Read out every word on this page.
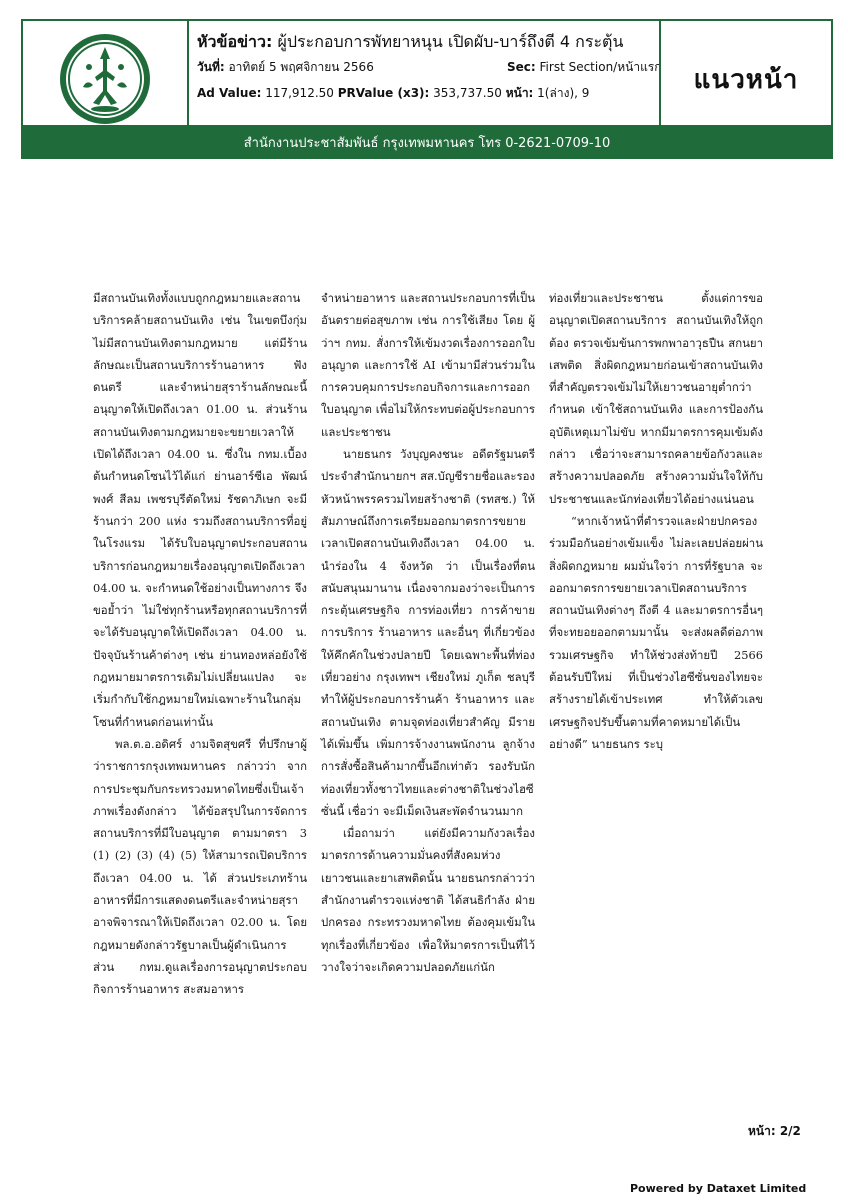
หัวข้อข่าว: ผู้ประกอบการพัทยาหนุน เปิดผับ-บาร์ถึงตี 4 กระตุ้น
วันที่: อาทิตย์ 5 พฤศจิกายน 2566	Sec: First Section/หน้าแรก
Ad Value: 117,912.50 PRValue (x3): 353,737.50 หน้า: 1(ล่าง), 9	แนวหน้า
สำนักงานประชาสัมพันธ์ กรุงเทพมหานคร โทร 0-2621-0709-10

มีสถานบันเทิงทั้งแบบถูกกฎหมายและสถานบริการคล้ายสถานบันเทิง เช่น ในเขตบึงกุ่ม ไม่มีสถานบันเทิงตามกฎหมาย แต่มีร้านลักษณะเป็นสถานบริการร้านอาหาร ฟังดนตรี และจำหน่ายสุราร้านลักษณะนี้อนุญาตให้เปิดถึงเวลา 01.00 น. ส่วนร้านสถานบันเทิงตามกฎหมายจะขยายเวลาให้เปิดได้ถึงเวลา 04.00 น. ซึ่งใน กทม.เบื้องต้นกำหนดโซนไว้ได้แก่ ย่านอาร์ซีเอ พัฒน์พงศ์ สีลม เพชรบุรีตัดใหม่ รัชดาภิเษก จะมีร้านกว่า 200 แห่ง รวมถึงสถานบริการที่อยู่ในโรงแรม ได้รับใบอนุญาตประกอบสถานบริการก่อนกฎหมายเรื่องอนุญาตเปิดถึงเวลา 04.00 น. จะกำหนดใช้อย่างเป็นทางการ จึงขอย้ำว่า ไม่ใช่ทุกร้านหรือทุกสถานบริการที่จะได้รับอนุญาตให้เปิดถึงเวลา 04.00 น. ปัจจุบันร้านค้าต่างๆ เช่น ย่านทองหล่อยังใช้กฎหมายมาตรการเดิมไม่เปลี่ยนแปลง จะเริ่มกำกับใช้กฎหมายใหม่เฉพาะร้านในกลุ่มโซนที่กำหนดก่อนเท่านั้น

พล.ต.อ.อดิศร์ งามจิตสุขศรี ที่ปรึกษาผู้ว่าราชการกรุงเทพมหานคร กล่าวว่า จากการประชุมกับกระทรวงมหาดไทยซึ่งเป็นเจ้าภาพเรื่องดังกล่าว ได้ข้อสรุปในการจัดการสถานบริการที่มีใบอนุญาต ตามมาตรา 3 (1) (2) (3) (4) (5) ให้สามารถเปิดบริการถึงเวลา 04.00 น. ได้ ส่วนประเภทร้านอาหารที่มีการแสดงดนตรีและจำหน่ายสุรา อาจพิจารณาให้เปิดถึงเวลา 02.00 น. โดยกฎหมายดังกล่าวรัฐบาลเป็นผู้ดำเนินการ ส่วน กทม.ดูแลเรื่องการอนุญาตประกอบกิจการร้านอาหาร สะสมอาหาร

จำหน่ายอาหาร และสถานประกอบการที่เป็นอันตรายต่อสุขภาพ เช่น การใช้เสียง โดย ผู้ว่าฯ กทม. สั่งการให้เข้มงวดเรื่องการออกใบอนุญาต และการใช้ AI เข้ามามีส่วนร่วมในการควบคุมการประกอบกิจการและการออกใบอนุญาต เพื่อไม่ให้กระทบต่อผู้ประกอบการและประชาชน

นายธนกร วังบุญคงชนะ อดีตรัฐมนตรีประจำสำนักนายกฯ สส.บัญชีรายชื่อและรองหัวหน้าพรรครวมไทยสร้างชาติ (รทสช.) ให้สัมภาษณ์ถึงการเตรียมออกมาตรการขยายเวลาเปิดสถานบันเทิงถึงเวลา 04.00 น. นำร่องใน 4 จังหวัด ว่า เป็นเรื่องที่ตนสนับสนุนมานาน เนื่องจากมองว่าจะเป็นการกระตุ้นเศรษฐกิจ การท่องเที่ยว การค้าขาย การบริการ ร้านอาหาร และอื่นๆ ที่เกี่ยวข้องให้คึกคักในช่วงปลายปี โดยเฉพาะพื้นที่ท่องเที่ยวอย่าง กรุงเทพฯ เชียงใหม่ ภูเก็ต ชลบุรี ทำให้ผู้ประกอบการร้านค้า ร้านอาหาร และสถานบันเทิง ตามจุดท่องเที่ยวสำคัญ มีรายได้เพิ่มขึ้น เพิ่มการจ้างงานพนักงาน ลูกจ้าง การสั่งซื้อสินค้ามากขึ้นอีกเท่าตัว รองรับนักท่องเที่ยวทั้งชาวไทยและต่างชาติในช่วงไฮซีซั่นนี้ เชื่อว่า จะมีเม็ดเงินสะพัดจำนวนมาก

เมื่อถามว่า แต่ยังมีความกังวลเรื่องมาตรการด้านความมั่นคงที่สังคมห่วงเยาวชนและยาเสพติดนั้น นายธนกรกล่าวว่า สำนักงานตำรวจแห่งชาติ ได้สนธิกำลัง ฝ่ายปกครอง กระทรวงมหาดไทย ต้องคุมเข้มในทุกเรื่องที่เกี่ยวข้อง เพื่อให้มาตรการเป็นที่ไว้วางใจว่าจะเกิดความปลอดภัยแก่นัก

ท่องเที่ยวและประชาชน ตั้งแต่การขออนุญาตเปิดสถานบริการ สถานบันเทิงให้ถูกต้อง ตรวจเข้มข้นการพกพาอาวุธปืน สกนยาเสพติด สิ่งผิดกฎหมายก่อนเข้าสถานบันเทิง ที่สำคัญตรวจเข้มไม่ให้เยาวชนอายุต่ำกว่ากำหนด เข้าใช้สถานบันเทิง และการป้องกันอุบัติเหตุเมาไม่ขับ หากมีมาตรการคุมเข้มดังกล่าว เชื่อว่าจะสามารถคลายข้อกังวลและสร้างความปลอดภัย สร้างความมั่นใจให้กับประชาชนและนักท่องเที่ยวได้อย่างแน่นอน

“หากเจ้าหน้าที่ตำรวจและฝ่ายปกครองร่วมมือกันอย่างเข้มแข็ง ไม่ละเลยปล่อยผ่าน สิ่งผิดกฎหมาย ผมมั่นใจว่า การที่รัฐบาล จะออกมาตรการขยายเวลาเปิดสถานบริการ สถานบันเทิงต่างๆ ถึงตี 4 และมาตรการอื่นๆ ที่จะทยอยออกตามมานั้น จะส่งผลดีต่อภาพรวมเศรษฐกิจ ทำให้ช่วงส่งท้ายปี 2566 ต้อนรับปีใหม่ ที่เป็นช่วงไฮซีซั่นของไทยจะสร้างรายได้เข้าประเทศ ทำให้ตัวเลขเศรษฐกิจปรับขึ้นตามที่คาดหมายได้เป็นอย่างดี” นายธนกร ระบุ

หน้า: 2/2
Powered by Dataxet Limited
